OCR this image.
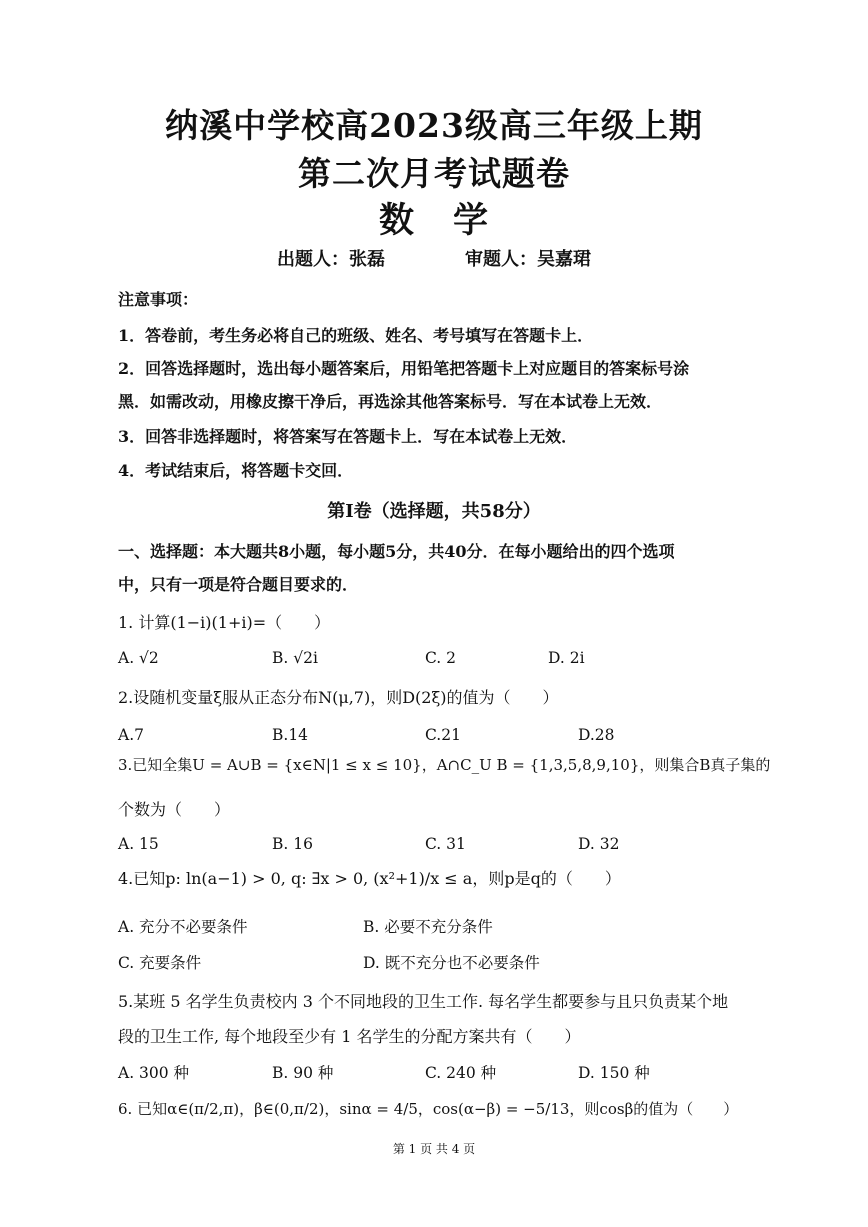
纳溪中学校高2023级高三年级上期
第二次月考试题卷
数 学
出题人：张磊	审题人：吴嘉珺
注意事项：
1．答卷前，考生务必将自己的班级、姓名、考号填写在答题卡上．
2．回答选择题时，选出每小题答案后，用铅笔把答题卡上对应题目的答案标号涂
黑．如需改动，用橡皮擦干净后，再选涂其他答案标号．写在本试卷上无效．
3．回答非选择题时，将答案写在答题卡上．写在本试卷上无效．
4．考试结束后，将答题卡交回．
第Ⅰ卷（选择题，共58分）
一、选择题：本大题共8小题，每小题5分，共40分．在每小题给出的四个选项
中，只有一项是符合题目要求的．
1. 计算(1−i)(1+i)=（　　）
A. √2	B. √2i	C. 2	D. 2i
2.设随机变量ξ服从正态分布N(μ,7)，则D(2ξ)的值为（　　）
A.7	B.14	C.21	D.28
3.已知全集U = A∪B = {x∈N|1 ≤ x ≤ 10}，A∩C_U B = {1,3,5,8,9,10}，则集合B真子集的
个数为（　　）
A. 15	B. 16	C. 31	D. 32
4.已知p: ln(a−1) > 0, q: ∃x > 0, (x²+1)/x ≤ a，则p是q的（　　）
A. 充分不必要条件	B. 必要不充分条件
C. 充要条件	D. 既不充分也不必要条件
5.某班 5 名学生负责校内 3 个不同地段的卫生工作. 每名学生都要参与且只负责某个地
段的卫生工作, 每个地段至少有 1 名学生的分配方案共有（　　）
A. 300 种	B. 90 种	C. 240 种	D. 150 种
6. 已知α∈(π/2,π)，β∈(0,π/2)，sinα = 4/5，cos(α−β) = −5/13，则cosβ的值为（　　）
第 1 页 共 4 页
